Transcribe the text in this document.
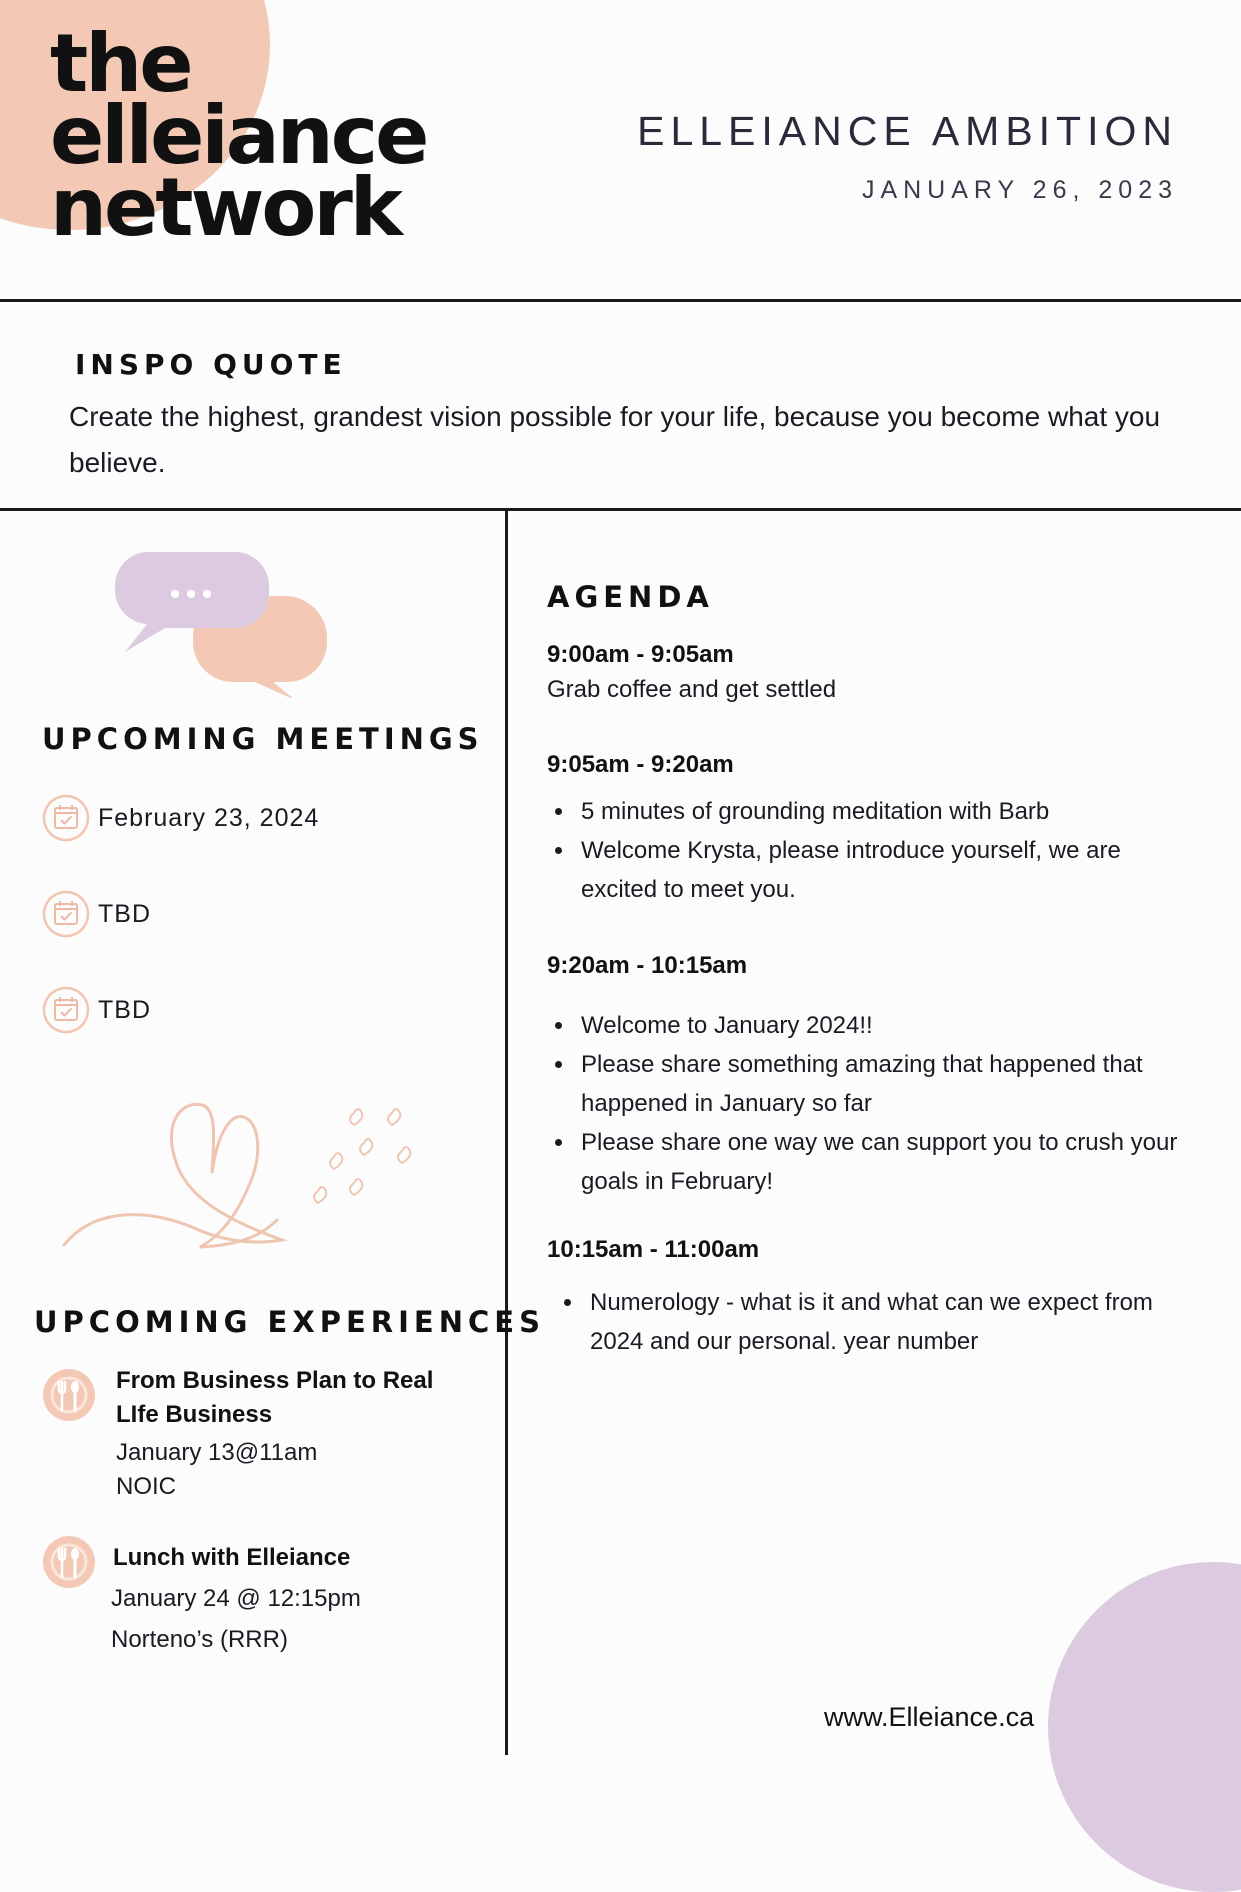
the
elleiance
network
ELLEIANCE AMBITION
JANUARY 26, 2023
INSPO QUOTE
Create the highest, grandest vision possible for your life, because you become what you believe.
UPCOMING MEETINGS
February 23, 2024
TBD
TBD
UPCOMING EXPERIENCES
From Business Plan to Real LIfe Business
January 13@11am
NOIC
Lunch with Elleiance
January 24 @ 12:15pm
Norteno’s (RRR)
AGENDA
9:00am - 9:05am
Grab coffee and get settled
9:05am - 9:20am
5 minutes of grounding meditation with Barb
Welcome Krysta, please introduce yourself, we are excited to meet you.
9:20am - 10:15am
Welcome to January 2024!!
Please share something amazing that happened that happened in January so far
Please share one way we can support you to crush your goals in February!
10:15am - 11:00am
Numerology - what is it and what can we expect from 2024 and our personal. year number
www.Elleiance.ca
